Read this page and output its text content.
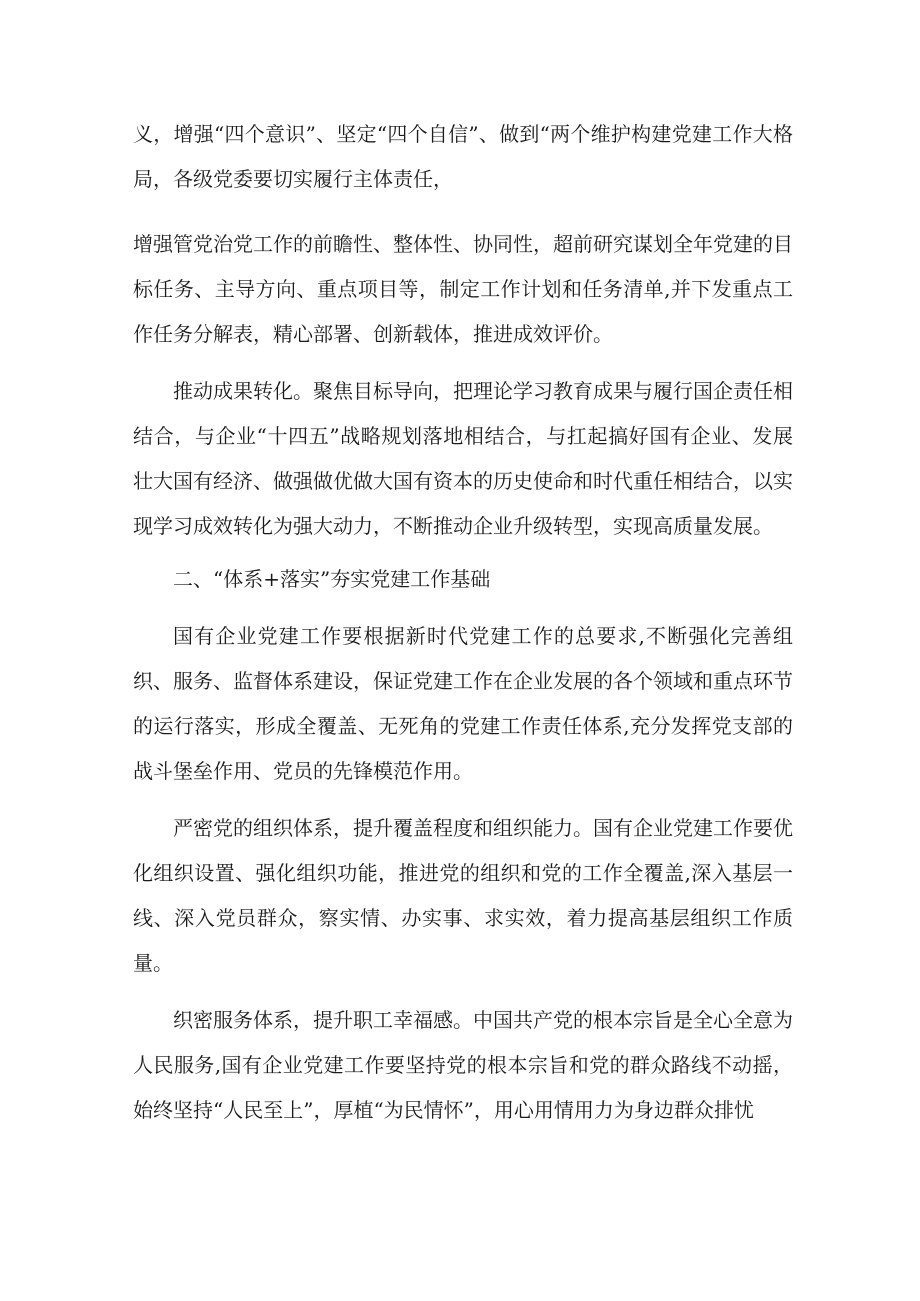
义，增强“四个意识”、坚定“四个自信”、做到“两个维护构建党建工作大格局，各级党委要切实履行主体责任，

增强管党治党工作的前瞻性、整体性、协同性，超前研究谋划全年党建的目标任务、主导方向、重点项目等，制定工作计划和任务清单,并下发重点工作任务分解表，精心部署、创新载体，推进成效评价。

推动成果转化。聚焦目标导向，把理论学习教育成果与履行国企责任相结合，与企业“十四五”战略规划落地相结合，与扛起搞好国有企业、发展壮大国有经济、做强做优做大国有资本的历史使命和时代重任相结合，以实现学习成效转化为强大动力，不断推动企业升级转型，实现高质量发展。

二、“体系+落实”夯实党建工作基础

国有企业党建工作要根据新时代党建工作的总要求,不断强化完善组织、服务、监督体系建设，保证党建工作在企业发展的各个领域和重点环节的运行落实，形成全覆盖、无死角的党建工作责任体系,充分发挥党支部的战斗堡垒作用、党员的先锋模范作用。

严密党的组织体系，提升覆盖程度和组织能力。国有企业党建工作要优化组织设置、强化组织功能，推进党的组织和党的工作全覆盖,深入基层一线、深入党员群众，察实情、办实事、求实效，着力提高基层组织工作质量。

织密服务体系，提升职工幸福感。中国共产党的根本宗旨是全心全意为人民服务,国有企业党建工作要坚持党的根本宗旨和党的群众路线不动摇，始终坚持“人民至上”，厚植“为民情怀”，用心用情用力为身边群众排忧
